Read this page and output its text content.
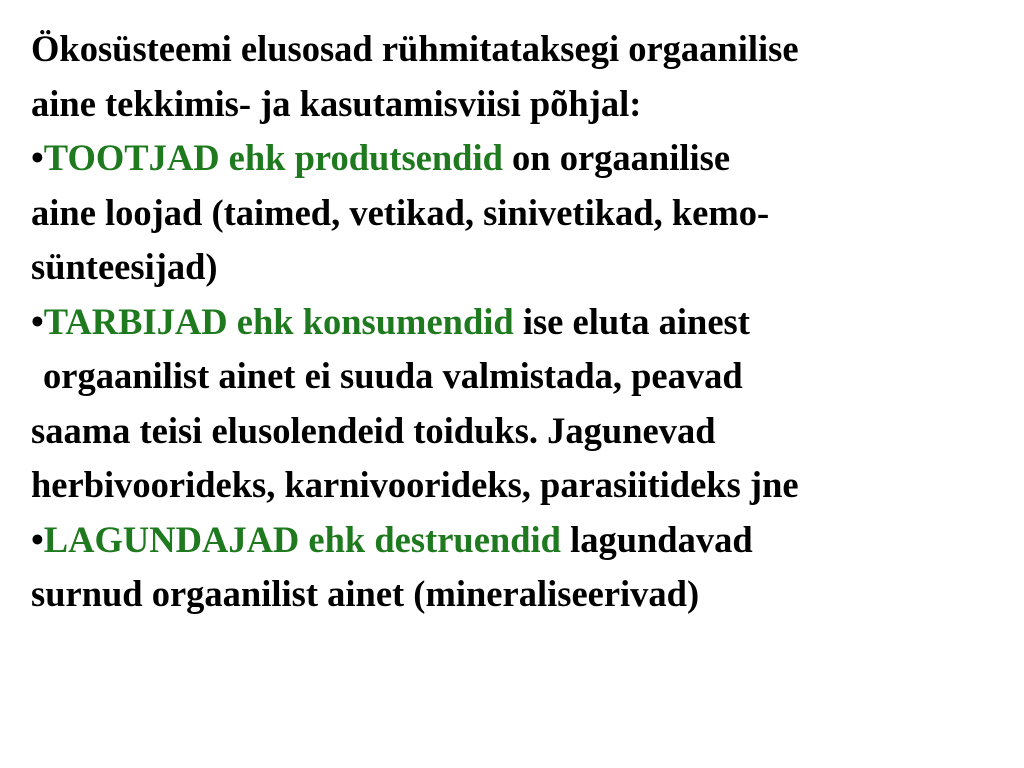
Ökosüsteemi elusosad rühmitataksegi orgaanilise
aine tekkimis- ja kasutamisviisi põhjal:
•TOOTJAD ehk produtsendid on orgaanilise
aine loojad (taimed, vetikad, sinivetikad, kemo-
sünteesijad)
•TARBIJAD ehk konsumendid ise eluta ainest
orgaanilist ainet ei suuda valmistada, peavad
saama teisi elusolendeid toiduks. Jagunevad
herbivoorideks, karnivoorideks, parasiitideks jne
•LAGUNDAJAD ehk destruendid lagundavad
surnud orgaanilist ainet (mineraliseerivad)
